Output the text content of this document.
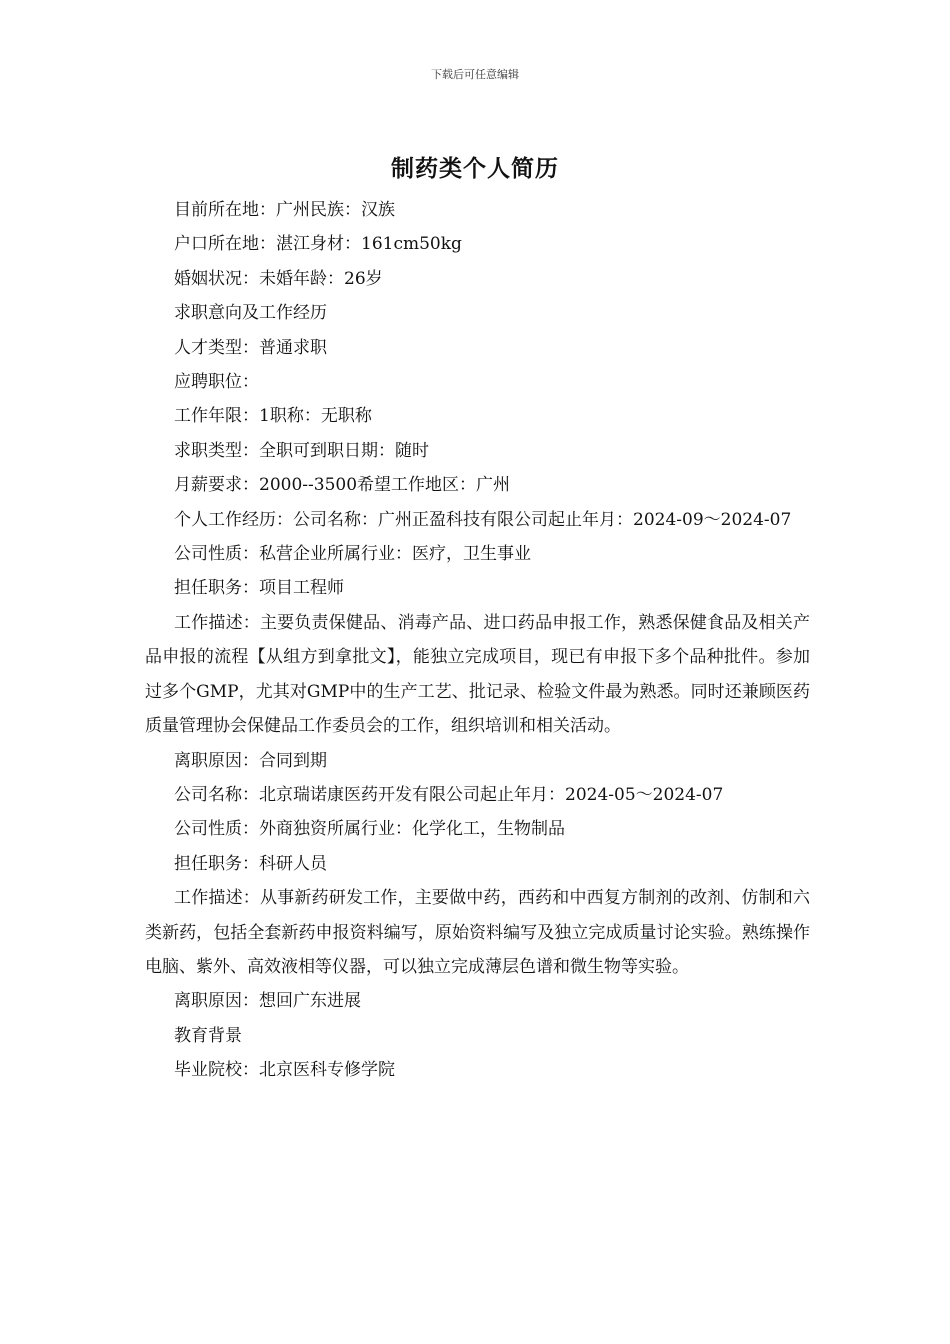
下载后可任意编辑
制药类个人简历

目前所在地：广州民族：汉族

户口所在地：湛江身材：161cm50kg

婚姻状况：未婚年龄：26岁

求职意向及工作经历

人才类型：普通求职

应聘职位：

工作年限：1职称：无职称

求职类型：全职可到职日期：随时

月薪要求：2000--3500希望工作地区：广州

个人工作经历：公司名称：广州正盈科技有限公司起止年月：2024-09～2024-07

公司性质：私营企业所属行业：医疗，卫生事业

担任职务：项目工程师

工作描述：主要负责保健品、消毒产品、进口药品申报工作，熟悉保健食品及相关产品申报的流程【从组方到拿批文】，能独立完成项目，现已有申报下多个品种批件。参加过多个GMP，尤其对GMP中的生产工艺、批记录、检验文件最为熟悉。同时还兼顾医药质量管理协会保健品工作委员会的工作，组织培训和相关活动。

离职原因：合同到期

公司名称：北京瑞诺康医药开发有限公司起止年月：2024-05～2024-07

公司性质：外商独资所属行业：化学化工，生物制品

担任职务：科研人员

工作描述：从事新药研发工作，主要做中药，西药和中西复方制剂的改剂、仿制和六类新药，包括全套新药申报资料编写，原始资料编写及独立完成质量讨论实验。熟练操作电脑、紫外、高效液相等仪器，可以独立完成薄层色谱和微生物等实验。

离职原因：想回广东进展

教育背景

毕业院校：北京医科专修学院
